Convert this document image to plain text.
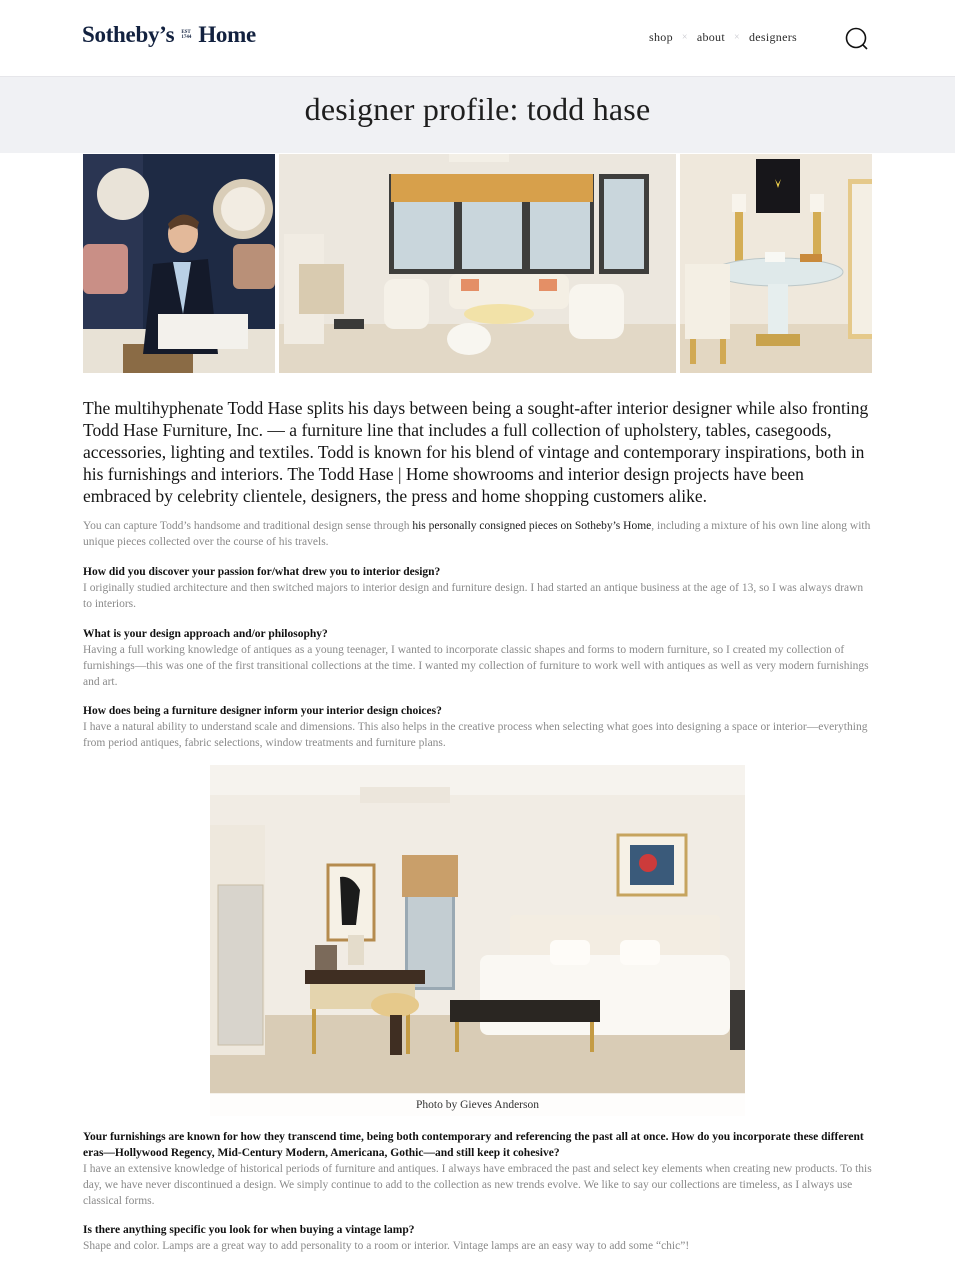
Sotheby’s EST
1744 Home	shop × about × designers
designer profile: todd hase

The multihyphenate Todd Hase splits his days between being a sought-after interior designer while also fronting Todd Hase Furniture, Inc. — a furniture line that includes a full collection of upholstery, tables, casegoods, accessories, lighting and textiles. Todd is known for his blend of vintage and contemporary inspirations, both in his furnishings and interiors. The Todd Hase | Home showrooms and interior design projects have been embraced by celebrity clientele, designers, the press and home shopping customers alike.

You can capture Todd’s handsome and traditional design sense through his personally consigned pieces on Sotheby’s Home, including a mixture of his own line along with unique pieces collected over the course of his travels.

How did you discover your passion for/what drew you to interior design?

I originally studied architecture and then switched majors to interior design and furniture design. I had started an antique business at the age of 13, so I was always drawn to interiors.

What is your design approach and/or philosophy?

Having a full working knowledge of antiques as a young teenager, I wanted to incorporate classic shapes and forms to modern furniture, so I created my collection of furnishings—this was one of the first transitional collections at the time. I wanted my collection of furniture to work well with antiques as well as very modern furnishings and art.

How does being a furniture designer inform your interior design choices?

I have a natural ability to understand scale and dimensions. This also helps in the creative process when selecting what goes into designing a space or interior—everything from period antiques, fabric selections, window treatments and furniture plans.

Photo by Gieves Anderson

Your furnishings are known for how they transcend time, being both contemporary and referencing the past all at once. How do you incorporate these different eras—Hollywood Regency, Mid-Century Modern, Americana, Gothic—and still keep it cohesive?

I have an extensive knowledge of historical periods of furniture and antiques. I always have embraced the past and select key elements when creating new products. To this day, we have never discontinued a design. We simply continue to add to the collection as new trends evolve. We like to say our collections are timeless, as I always use classical forms.

Is there anything specific you look for when buying a vintage lamp?

Shape and color. Lamps are a great way to add personality to a room or interior. Vintage lamps are an easy way to add some “chic”!
